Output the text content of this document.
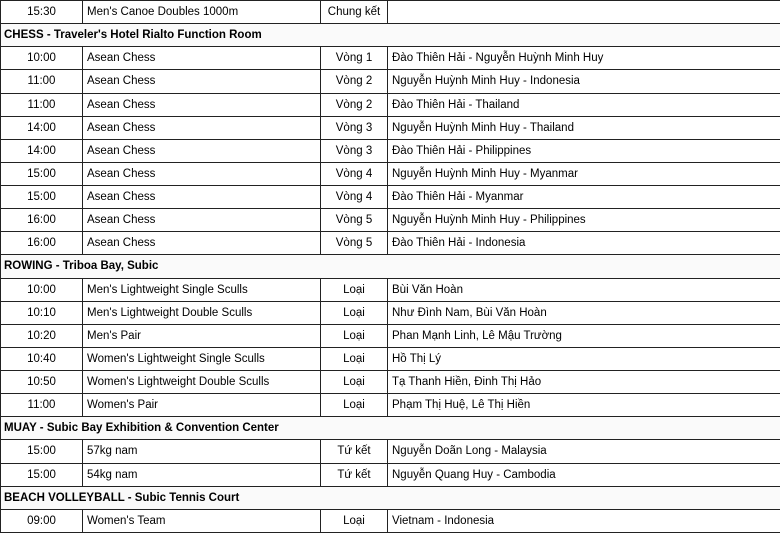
15:30	Men's Canoe Doubles 1000m	Chung kết	
CHESS - Traveler's Hotel Rialto Function Room			
10:00	Asean Chess	Vòng 1	Đào Thiên Hải - Nguyễn Huỳnh Minh Huy
11:00	Asean Chess	Vòng 2	Nguyễn Huỳnh Minh Huy - Indonesia
11:00	Asean Chess	Vòng 2	Đào Thiên Hải - Thailand
14:00	Asean Chess	Vòng 3	Nguyễn Huỳnh Minh Huy - Thailand
14:00	Asean Chess	Vòng 3	Đào Thiên Hải - Philippines
15:00	Asean Chess	Vòng 4	Nguyễn Huỳnh Minh Huy - Myanmar
15:00	Asean Chess	Vòng 4	Đào Thiên Hải - Myanmar
16:00	Asean Chess	Vòng 5	Nguyễn Huỳnh Minh Huy - Philippines
16:00	Asean Chess	Vòng 5	Đào Thiên Hải - Indonesia
ROWING - Triboa Bay, Subic			
10:00	Men's Lightweight Single Sculls	Loại	Bùi Văn Hoàn
10:10	Men's Lightweight Double Sculls	Loại	Như Đình Nam, Bùi Văn Hoàn
10:20	Men's Pair	Loại	Phan Mạnh Linh, Lê Mậu Trường
10:40	Women's Lightweight Single Sculls	Loại	Hồ Thị Lý
10:50	Women's Lightweight Double Sculls	Loại	Tạ Thanh Hiền, Đinh Thị Hảo
11:00	Women's Pair	Loại	Phạm Thị Huệ, Lê Thị Hiền
MUAY - Subic Bay Exhibition & Convention Center			
15:00	57kg nam	Tứ kết	Nguyễn Doãn Long - Malaysia
15:00	54kg nam	Tứ kết	Nguyễn Quang Huy - Cambodia
BEACH VOLLEYBALL - Subic Tennis Court			
09:00	Women's Team	Loại	Vietnam - Indonesia
